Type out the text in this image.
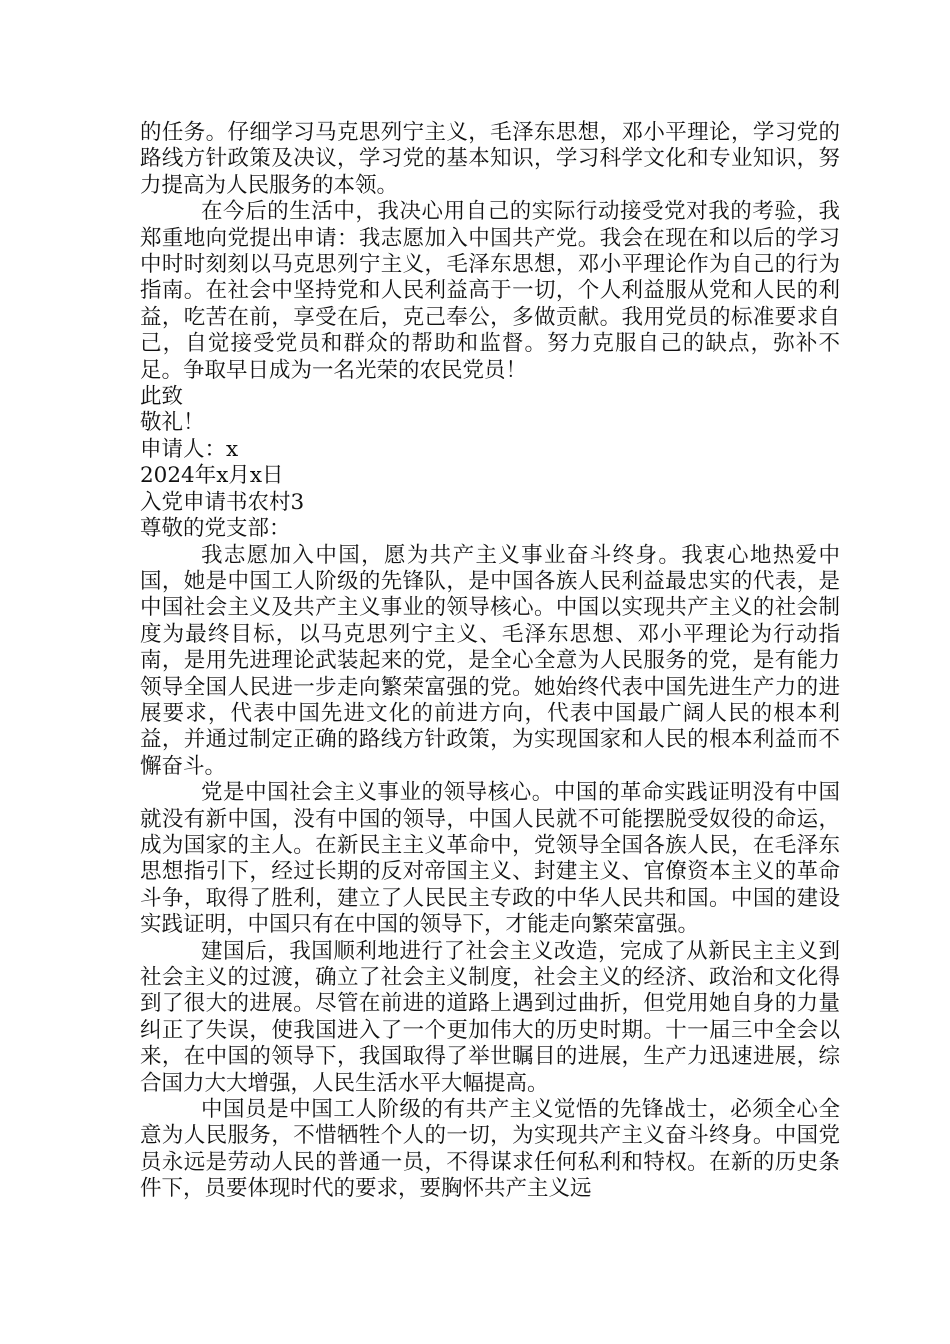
的任务。仔细学习马克思列宁主义，毛泽东思想，邓小平理论，学习党的路线方针政策及决议，学习党的基本知识，学习科学文化和专业知识，努力提高为人民服务的本领。

在今后的生活中，我决心用自己的实际行动接受党对我的考验，我郑重地向党提出申请：我志愿加入中国共产党。我会在现在和以后的学习中时时刻刻以马克思列宁主义，毛泽东思想，邓小平理论作为自己的行为指南。在社会中坚持党和人民利益高于一切，个人利益服从党和人民的利益，吃苦在前，享受在后，克己奉公，多做贡献。我用党员的标准要求自己，自觉接受党员和群众的帮助和监督。努力克服自己的缺点，弥补不足。争取早日成为一名光荣的农民党员！

此致

敬礼！

申请人：x

2024年x月x日

入党申请书农村3

尊敬的党支部：

我志愿加入中国，愿为共产主义事业奋斗终身。我衷心地热爱中国，她是中国工人阶级的先锋队，是中国各族人民利益最忠实的代表，是中国社会主义及共产主义事业的领导核心。中国以实现共产主义的社会制度为最终目标，以马克思列宁主义、毛泽东思想、邓小平理论为行动指南，是用先进理论武装起来的党，是全心全意为人民服务的党，是有能力领导全国人民进一步走向繁荣富强的党。她始终代表中国先进生产力的进展要求，代表中国先进文化的前进方向，代表中国最广阔人民的根本利益，并通过制定正确的路线方针政策，为实现国家和人民的根本利益而不懈奋斗。

党是中国社会主义事业的领导核心。中国的革命实践证明没有中国就没有新中国，没有中国的领导，中国人民就不可能摆脱受奴役的命运，成为国家的主人。在新民主主义革命中，党领导全国各族人民，在毛泽东思想指引下，经过长期的反对帝国主义、封建主义、官僚资本主义的革命斗争，取得了胜利，建立了人民民主专政的中华人民共和国。中国的建设实践证明，中国只有在中国的领导下，才能走向繁荣富强。

建国后，我国顺利地进行了社会主义改造，完成了从新民主主义到社会主义的过渡，确立了社会主义制度，社会主义的经济、政治和文化得到了很大的进展。尽管在前进的道路上遇到过曲折，但党用她自身的力量纠正了失误，使我国进入了一个更加伟大的历史时期。十一届三中全会以来，在中国的领导下，我国取得了举世瞩目的进展，生产力迅速进展，综合国力大大增强，人民生活水平大幅提高。

中国员是中国工人阶级的有共产主义觉悟的先锋战士，必须全心全意为人民服务，不惜牺牲个人的一切，为实现共产主义奋斗终身。中国党员永远是劳动人民的普通一员，不得谋求任何私利和特权。在新的历史条件下，员要体现时代的要求，要胸怀共产主义远
